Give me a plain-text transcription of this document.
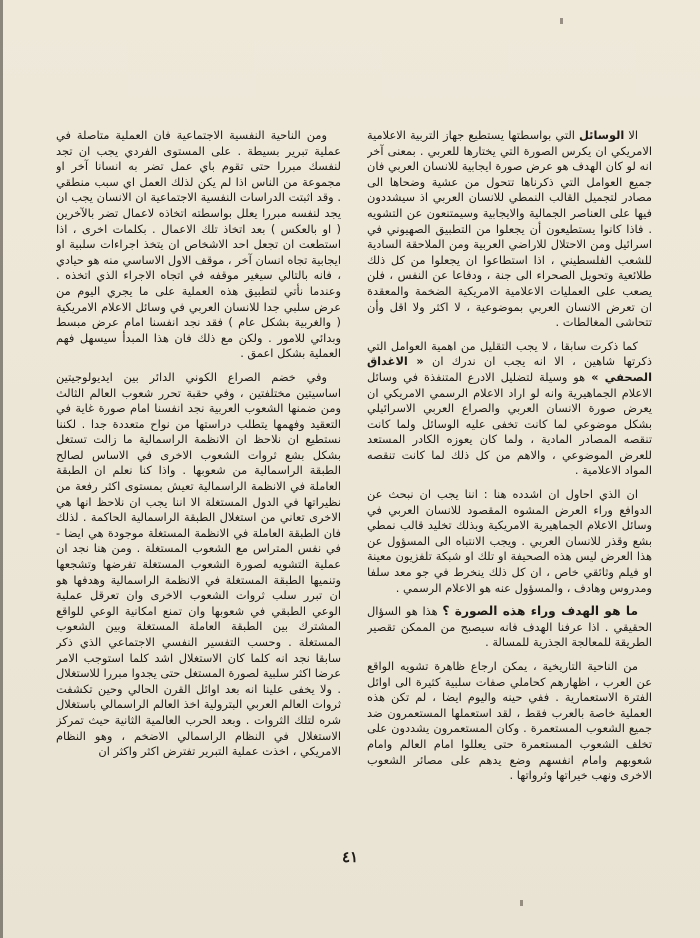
ومن الناحية النفسية الاجتماعية فان العملية متاصلة في عملية تبرير بسيطة . على المستوى الفردي يجب ان تجد لنفسك مبررا حتى تقوم باي عمل تضر به انسانا آخر او مجموعة من الناس اذا لم يكن لذلك العمل اي سبب منطقي . وقد اثبتت الدراسات النفسية الاجتماعية ان الانسان يجب ان يجد لنفسه مبررا يعلل بواسطته اتخاذه لاعمال تضر بالآخرين ( او بالعكس ) بعد اتخاذ تلك الاعمال . بكلمات اخرى ، اذا استطعت ان تجعل احد الاشخاص ان يتخذ اجراءات سلبية او ايجابية تجاه انسان آخر ، موقف الاول الاساسي منه هو حيادي ، فانه بالتالي سيغير موقفه في اتجاه الاجراء الذي اتخذه . وعندما نأتي لتطبيق هذه العملية على ما يجري اليوم من عرض سلبي جدا للانسان العربي في وسائل الاعلام الامريكية ( والغربية بشكل عام ) فقد نجد انفسنا امام عرض مبسط وبدائي للامور . ولكن مع ذلك فان هذا المبدأ سيسهل فهم العملية بشكل اعمق .

وفي خضم الصراع الكوني الدائر بين ايديولوجيتين اساسيتين مختلفتين ، وفي حقبة تحرر شعوب العالم الثالث ومن ضمنها الشعوب العربية نجد انفسنا امام صورة غاية في التعقيد وفهمها يتطلب دراستها من نواح متعددة جدا . لكننا نستطيع ان نلاحظ ان الانظمة الراسمالية ما زالت تستغل بشكل بشع ثروات الشعوب الاخرى في الاساس لصالح الطبقة الراسمالية من شعوبها . واذا كنا نعلم ان الطبقة العاملة في الانظمة الراسمالية تعيش بمستوى اكثر رفعة من نظيراتها في الدول المستغلة الا اننا يجب ان نلاحظ انها هي الاخرى تعاني من استغلال الطبقة الراسمالية الحاكمة . لذلك فان الطبقة العاملة في الانظمة المستغلة موجودة هي ايضا - في نفس المتراس مع الشعوب المستغلة . ومن هنا نجد ان عملية التشويه لصورة الشعوب المستغلة تفرضها وتشجعها وتنميها الطبقة المستغلة في الانظمة الراسمالية وهدفها هو ان تبرر سلب ثروات الشعوب الاخرى وان تعرقل عملية الوعي الطبقي في شعوبها وان تمنع امكانية الوعي للواقع المشترك بين الطبقة العاملة المستغلة وبين الشعوب المستغلة . وحسب التفسير النفسي الاجتماعي الذي ذكر سابقا نجد انه كلما كان الاستغلال اشد كلما استوجب الامر عرضا اكثر سلبية لصورة المستغل حتى يجدوا مبررا للاستغلال . ولا يخفى علينا انه بعد اوائل القرن الحالي وحين تكشفت ثروات العالم العربي البترولية اخذ العالم الراسمالي باستغلال شره لتلك الثروات . وبعد الحرب العالمية الثانية حيث تمركز الاستغلال في النظام الراسمالي الاضخم ، وهو النظام الامريكي ، اخذت عملية التبرير تفترض اكثر واكثر ان

الا الوسائل التي بواسطتها يستطيع جهاز التربية الاعلامية الامريكي ان يكرس الصورة التي يختارها للعربي . بمعنى آخر انه لو كان الهدف هو عرض صورة ايجابية للانسان العربي فان جميع العوامل التي ذكرناها تتحول من عشية وضحاها الى مصادر لتجميل القالب النمطي للانسان العربي اذ سيشددون فيها على العناصر الجمالية والايجابية وسيمتنعون عن التشويه . فاذا كانوا يستطيعون أن يجعلوا من التطبيق الصهيوني في اسرائيل ومن الاحتلال للاراضي العربية ومن الملاحقة السادية للشعب الفلسطيني ، اذا استطاعوا ان يجعلوا من كل ذلك طلائعية وتحويل الصحراء الى جنة ، ودفاعا عن النفس ، فلن يصعب على العمليات الاعلامية الامريكية الضخمة والمعقدة ان تعرض الانسان العربي بموضوعية ، لا اكثر ولا اقل وأن تتحاشى المغالطات .

كما ذكرت سابقا ، لا يجب التقليل من اهمية العوامل التي ذكرتها شاهين ، الا انه يجب ان ندرك ان « الاغداق الصحفي » هو وسيلة لتضليل الادرع المتنفذة في وسائل الاعلام الجماهيرية وانه لو اراد الاعلام الرسمي الامريكي ان يعرض صورة الانسان العربي والصراع العربي الاسرائيلي بشكل موضوعي لما كانت تخفى عليه الوسائل ولما كانت تنقصه المصادر المادية ، ولما كان يعوزه الكادر المستعد للعرض الموضوعي ، والاهم من كل ذلك لما كانت تنقصه المواد الاعلامية .

ان الذي احاول ان اشدده هنا : اننا يجب ان نبحث عن الدوافع وراء العرض المشوه المقصود للانسان العربي في وسائل الاعلام الجماهيرية الامريكية وبذلك تخليد قالب نمطي بشع وقذر للانسان العربي . ويجب الانتباه الى المسؤول عن هذا العرض ليس هذه الصحيفة او تلك او شبكة تلفزيون معينة او فيلم وثائقي خاص ، ان كل ذلك ينخرط في جو معد سلفا ومدروس وهادف ، والمسؤول عنه هو الاعلام الرسمي .

ما هو الهدف وراء هذه الصورة ؟ هذا هو السؤال الحقيقي . اذا عرفنا الهدف فانه سيصبح من الممكن تقصير الطريقة للمعالجة الجذرية للمسالة .

من الناحية التاريخية ، يمكن ارجاع ظاهرة تشويه الواقع عن العرب ، اظهارهم كحاملي صفات سلبية كثيرة الى اوائل الفترة الاستعمارية . ففي حينه واليوم ايضا ، لم تكن هذه العملية خاصة بالعرب فقط ، لقد استعملها المستعمرون ضد جميع الشعوب المستعمرة . وكان المستعمرون يشددون على تخلف الشعوب المستعمرة حتى يعللوا امام العالم وامام شعوبهم وامام انفسهم وضع يدهم على مصائر الشعوب الاخرى ونهب خيراتها وثرواتها .

٤١
